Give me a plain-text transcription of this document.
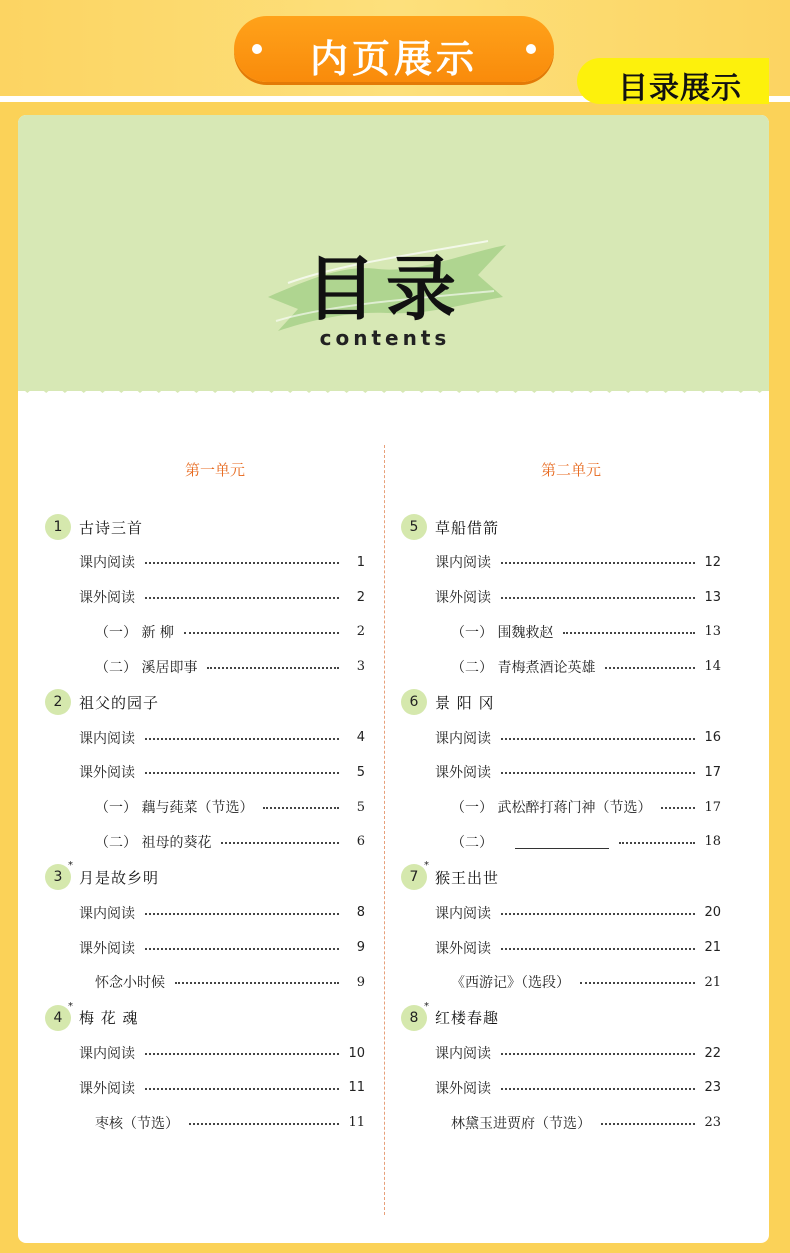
内页展示
目录
contents
第一单元
1 古诗三首
课内阅读	1
课外阅读	2
（一） 新 柳	2
（二） 溪居即事	3
2 祖父的园子
课内阅读	4
课外阅读	5
（一） 藕与莼菜（节选）	5
（二） 祖母的葵花	6
3
*
月是故乡明
课内阅读	8
课外阅读	9
怀念小时候	9
4
*
梅 花 魂
课内阅读	10
课外阅读	11
枣核（节选）	11
第二单元
5 草船借箭
课内阅读	12
课外阅读	13
（一） 围魏救赵	13
（二） 青梅煮酒论英雄	14
6 景 阳 冈
课内阅读	16
课外阅读	17
（一） 武松醉打蒋门神（节选）	17
（二）	18
7
*
猴王出世
课内阅读	20
课外阅读	21
《西游记》（选段）	21
8
*
红楼春趣
课内阅读	22
课外阅读	23
林黛玉进贾府（节选）	23
目录展示
